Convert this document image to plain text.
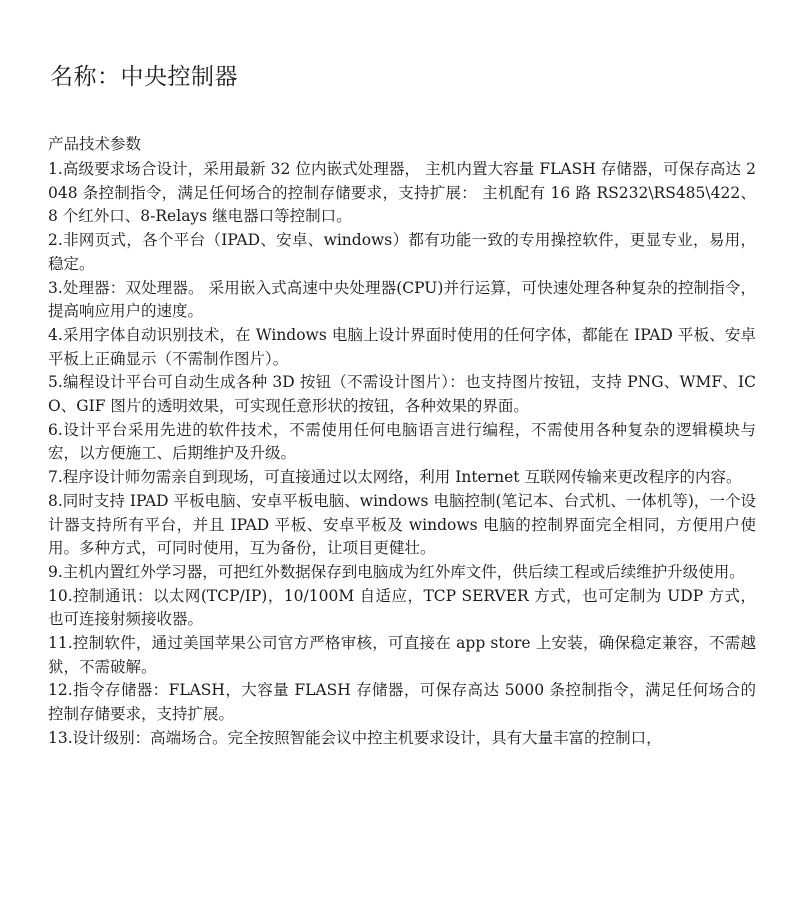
名称：中央控制器
产品技术参数
1.高级要求场合设计，采用最新 32 位内嵌式处理器， 主机内置大容量 FLASH 存储器，可保存高达 2048 条控制指令，满足任何场合的控制存储要求，支持扩展： 主机配有 16 路 RS232\RS485\422、8 个红外口、8-Relays 继电器口等控制口。
2.非网页式，各个平台（IPAD、安卓、windows）都有功能一致的专用操控软件，更显专业，易用，稳定。
3.处理器：双处理器。 采用嵌入式高速中央处理器(CPU)并行运算，可快速处理各种复杂的控制指令，提高响应用户的速度。
4.采用字体自动识别技术，在 Windows 电脑上设计界面时使用的任何字体，都能在 IPAD 平板、安卓平板上正确显示（不需制作图片）。
5.编程设计平台可自动生成各种 3D 按钮（不需设计图片）：也支持图片按钮，支持 PNG、WMF、ICO、GIF 图片的透明效果，可实现任意形状的按钮，各种效果的界面。
6.设计平台采用先进的软件技术，不需使用任何电脑语言进行编程，不需使用各种复杂的逻辑模块与宏，以方便施工、后期维护及升级。
7.程序设计师勿需亲自到现场，可直接通过以太网络，利用 Internet 互联网传输来更改程序的内容。
8.同时支持 IPAD 平板电脑、安卓平板电脑、windows 电脑控制(笔记本、台式机、一体机等)，一个设计器支持所有平台，并且 IPAD 平板、安卓平板及 windows 电脑的控制界面完全相同，方便用户使用。多种方式，可同时使用，互为备份，让项目更健壮。
9.主机内置红外学习器，可把红外数据保存到电脑成为红外库文件，供后续工程或后续维护升级使用。
10.控制通讯：以太网(TCP/IP)，10/100M 自适应，TCP SERVER 方式，也可定制为 UDP 方式，也可连接射频接收器。
11.控制软件，通过美国苹果公司官方严格审核，可直接在 app store 上安装，确保稳定兼容，不需越狱，不需破解。
12.指令存储器：FLASH，大容量 FLASH 存储器，可保存高达 5000 条控制指令，满足任何场合的控制存储要求，支持扩展。
13.设计级别：高端场合。完全按照智能会议中控主机要求设计，具有大量丰富的控制口，
